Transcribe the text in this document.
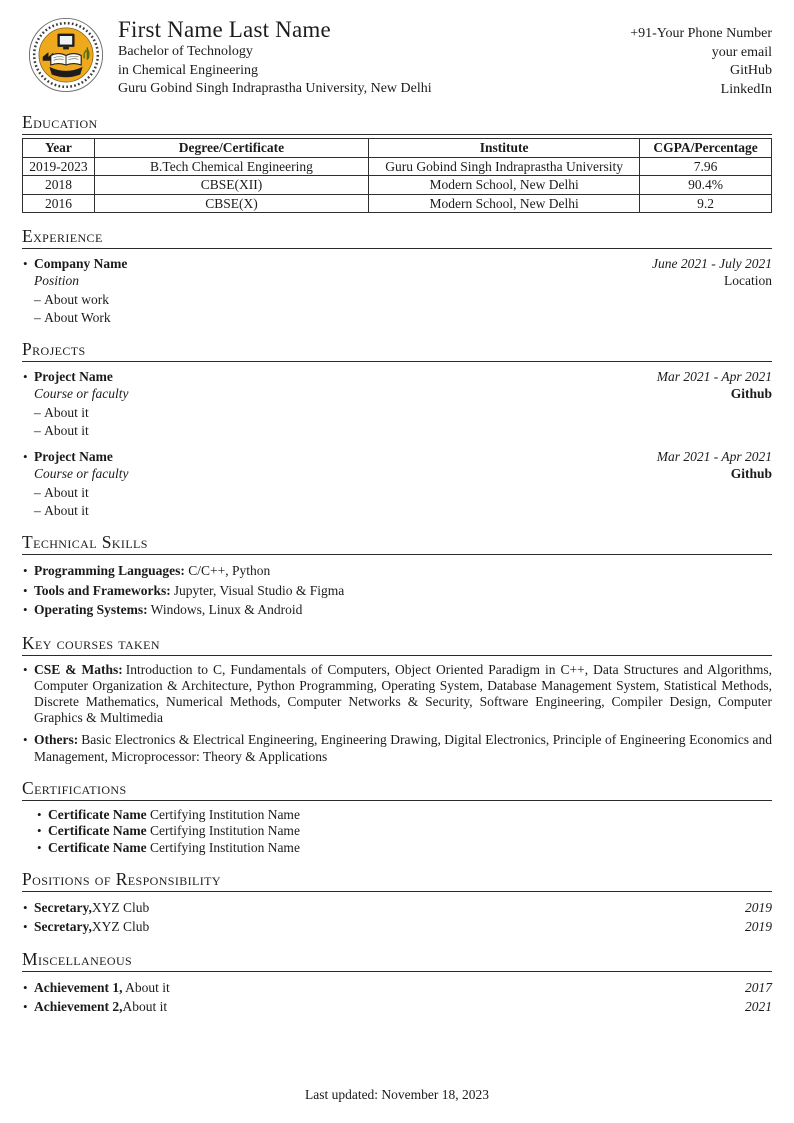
First Name Last Name
Bachelor of Technology
in Chemical Engineering
Guru Gobind Singh Indraprastha University, New Delhi
+91-Your Phone Number
your email
GitHub
LinkedIn
Education
Year	Degree/Certificate	Institute	CGPA/Percentage
2019-2023	B.Tech Chemical Engineering	Guru Gobind Singh Indraprastha University	7.96
2018	CBSE(XII)	Modern School, New Delhi	90.4%
2016	CBSE(X)	Modern School, New Delhi	9.2
Experience
• Company Name	June 2021 - July 2021
Position	Location
– About work
– About Work
Projects
• Project Name	Mar 2021 - Apr 2021
Course or faculty	Github
– About it
– About it
• Project Name	Mar 2021 - Apr 2021
Course or faculty	Github
– About it
– About it
Technical Skills
• Programming Languages: C/C++, Python
• Tools and Frameworks: Jupyter, Visual Studio & Figma
• Operating Systems: Windows, Linux & Android
Key courses taken
• CSE & Maths: Introduction to C, Fundamentals of Computers, Object Oriented Paradigm in C++, Data Structures and Algorithms, Computer Organization & Architecture, Python Programming, Operating System, Database Management System, Statistical Methods, Discrete Mathematics, Numerical Methods, Computer Networks & Security, Software Engineering, Compiler Design, Computer Graphics & Multimedia
• Others: Basic Electronics & Electrical Engineering, Engineering Drawing, Digital Electronics, Principle of Engineering Economics and Management, Microprocessor: Theory & Applications
Certifications
• Certificate Name Certifying Institution Name
• Certificate Name Certifying Institution Name
• Certificate Name Certifying Institution Name
Positions of Responsibility
• Secretary,XYZ Club	2019
• Secretary,XYZ Club	2019
Miscellaneous
• Achievement 1, About it	2017
• Achievement 2,About it	2021
Last updated: November 18, 2023
